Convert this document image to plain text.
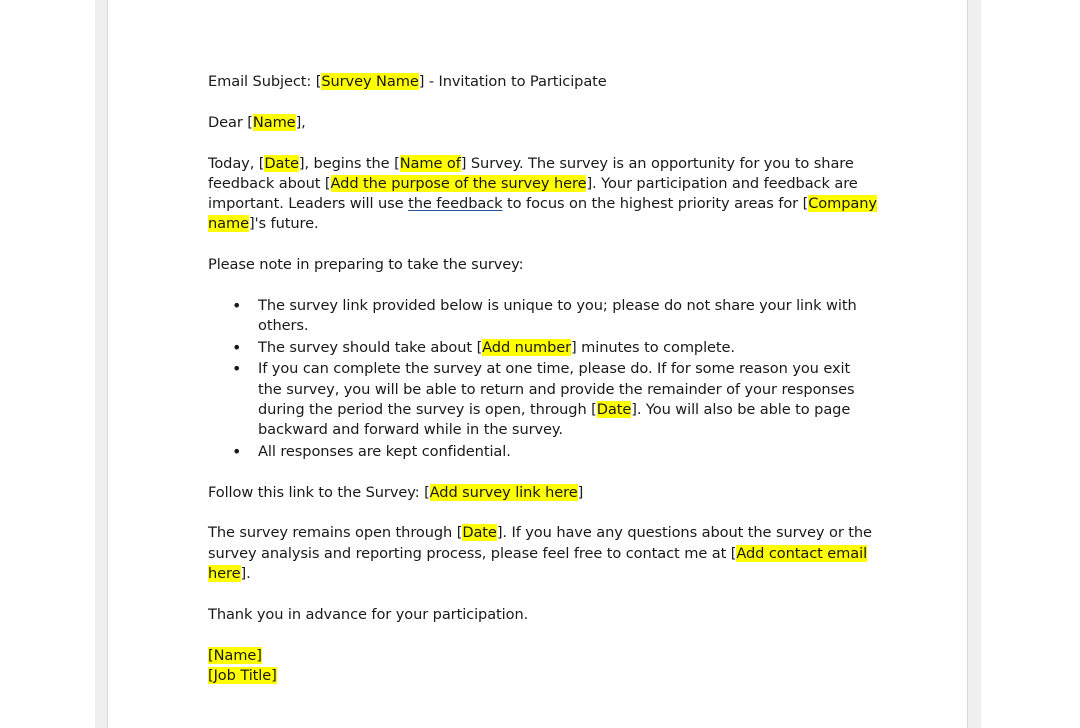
Email Subject: [Survey Name] - Invitation to Participate

Dear [Name],

Today, [Date], begins the [Name of] Survey. The survey is an opportunity for you to share feedback about [Add the purpose of the survey here]. Your participation and feedback are important. Leaders will use the feedback to focus on the highest priority areas for [Company name]'s future.

Please note in preparing to take the survey:

• The survey link provided below is unique to you; please do not share your link with others.
• The survey should take about [Add number] minutes to complete.
• If you can complete the survey at one time, please do. If for some reason you exit the survey, you will be able to return and provide the remainder of your responses during the period the survey is open, through [Date]. You will also be able to page backward and forward while in the survey.
• All responses are kept confidential.

Follow this link to the Survey: [Add survey link here]

The survey remains open through [Date]. If you have any questions about the survey or the survey analysis and reporting process, please feel free to contact me at [Add contact email here].

Thank you in advance for your participation.

[Name]

[Job Title]
